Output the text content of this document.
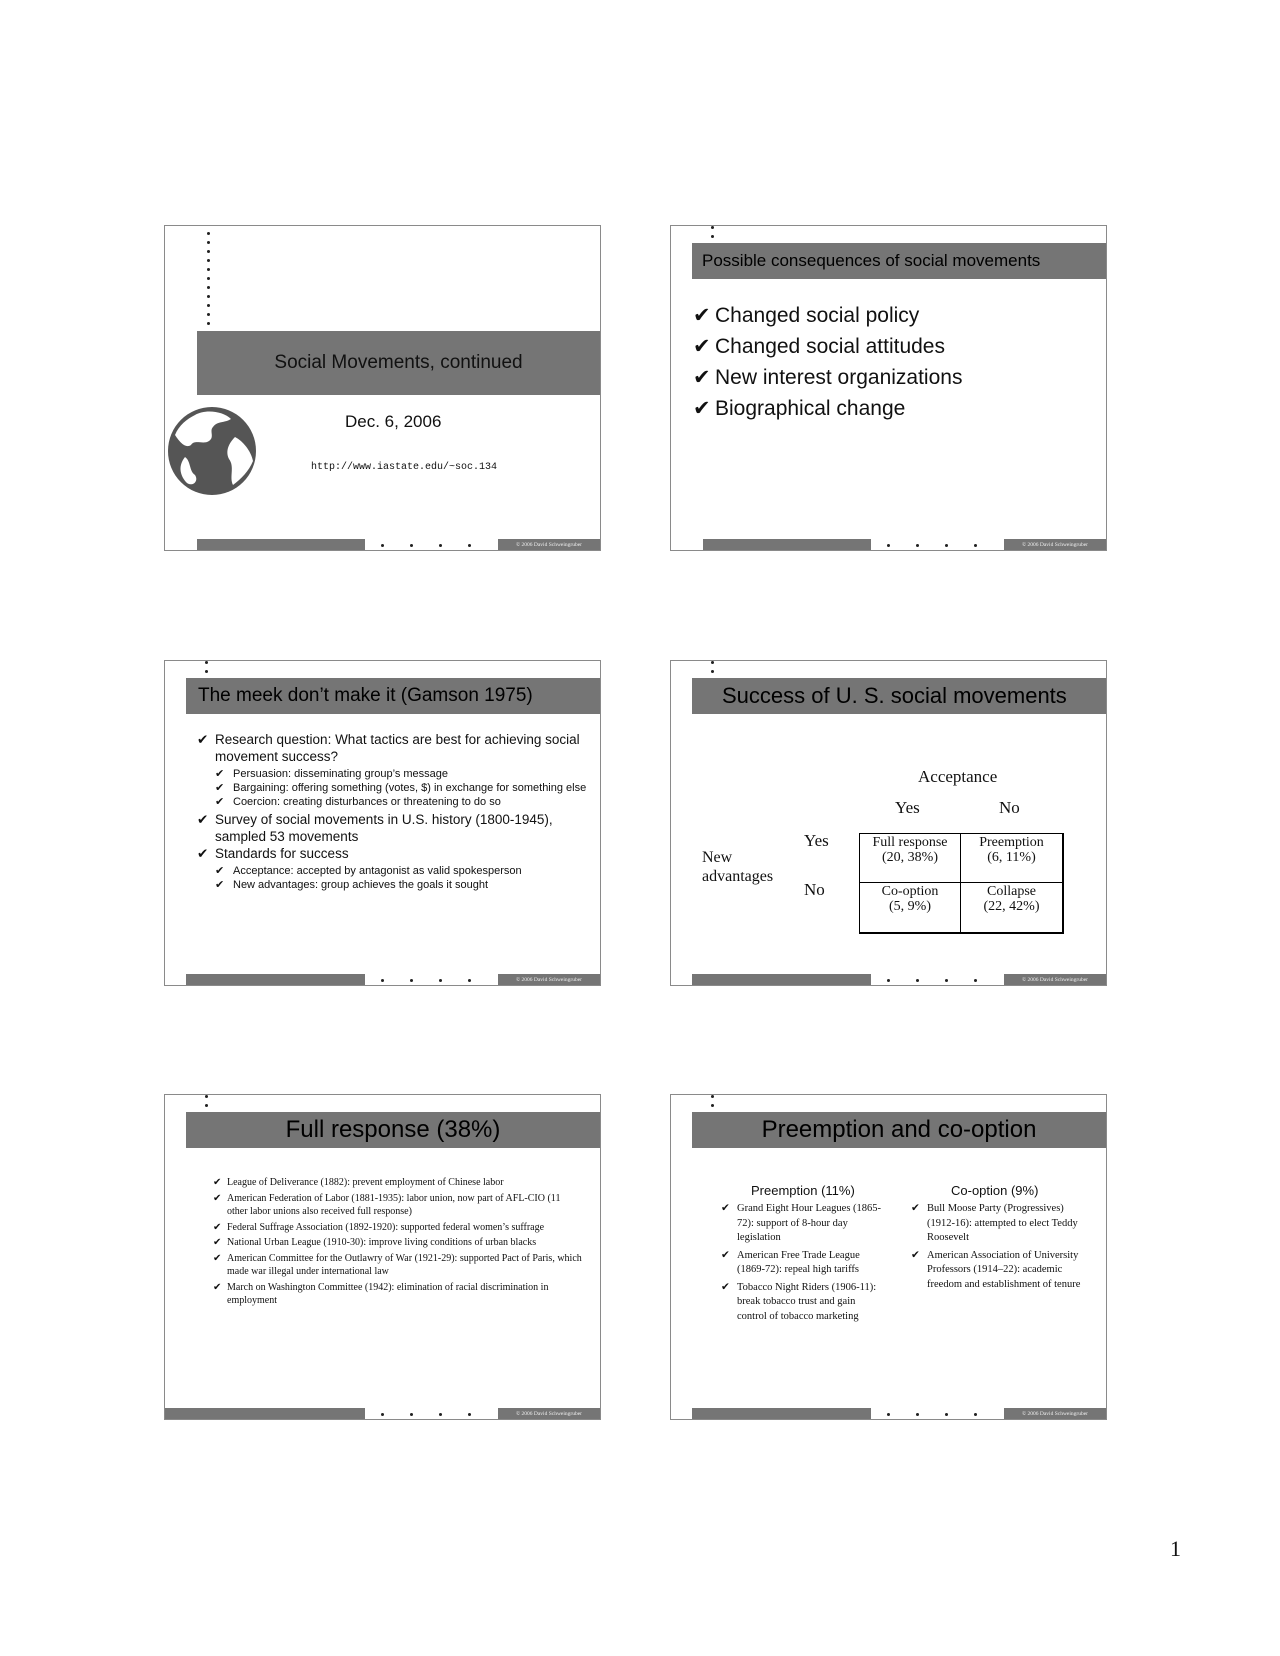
Social Movements, continued
Dec. 6, 2006
http://www.iastate.edu/~soc.134
© 2006 David Schweingruber
Possible consequences of social movements
✔ Changed social policy
✔ Changed social attitudes
✔ New interest organizations
✔ Biographical change
© 2006 David Schweingruber
The meek don’t make it (Gamson 1975)
✔ Research question: What tactics are best for achieving social movement success?
✔ Persuasion: disseminating group’s message
✔ Bargaining: offering something (votes, $) in exchange for something else
✔ Coercion: creating disturbances or threatening to do so
✔ Survey of social movements in U.S. history (1800-1945), sampled 53 movements
✔ Standards for success
✔ Acceptance: accepted by antagonist as valid spokesperson
✔ New advantages: group achieves the goals it sought
© 2006 David Schweingruber
Success of U. S. social movements
Acceptance
Yes	No
New
advantages
Yes
No
Full response
(20, 38%)
Preemption
(6, 11%)
Co-option
(5, 9%)
Collapse
(22, 42%)
© 2006 David Schweingruber
Full response (38%)
✔ League of Deliverance (1882): prevent employment of Chinese labor
✔ American Federation of Labor (1881-1935): labor union, now part of AFL-CIO (11 other labor unions also received full response)
✔ Federal Suffrage Association (1892-1920): supported federal women’s suffrage
✔ National Urban League (1910-30): improve living conditions of urban blacks
✔ American Committee for the Outlawry of War (1921-29): supported Pact of Paris, which made war illegal under international law
✔ March on Washington Committee (1942): elimination of racial discrimination in employment
© 2006 David Schweingruber
Preemption and co-option
Preemption (11%)	Co-option (9%)
✔ Grand Eight Hour Leagues (1865-72): support of 8-hour day legislation
✔ American Free Trade League (1869-72): repeal high tariffs
✔ Tobacco Night Riders (1906-11): break tobacco trust and gain control of tobacco marketing
✔ Bull Moose Party (Progressives) (1912-16): attempted to elect Teddy Roosevelt
✔ American Association of University Professors (1914–22): academic freedom and establishment of tenure
© 2006 David Schweingruber
1
